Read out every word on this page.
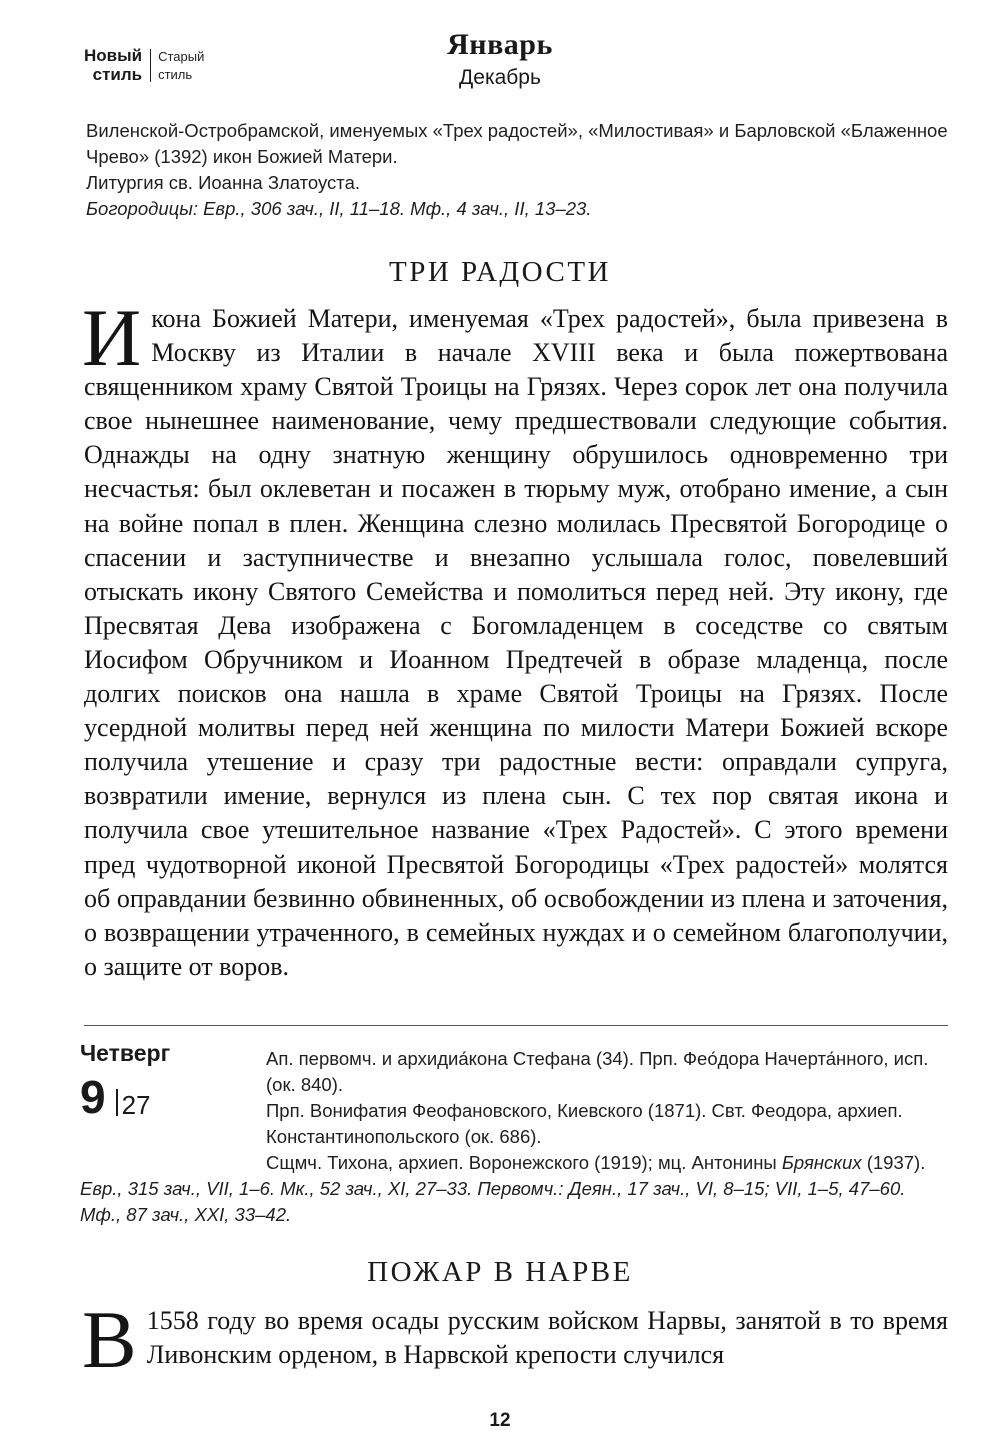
Новый
стиль
Старый
стиль
Январь
Декабрь

Виленской-Остробрамской, именуемых «Трех радостей», «Милостивая» и Барловской «Блаженное Чрево» (1392) икон Божией Матери.

Литургия св. Иоанна Златоуста.

Богородицы: Евр., 306 зач., II, 11–18. Мф., 4 зач., II, 13–23.

ТРИ РАДОСТИ

Икона Божией Матери, именуемая «Трех радостей», была привезена в Москву из Италии в начале XVIII века и была пожертвована священником храму Святой Троицы на Грязях. Через сорок лет она получила свое нынешнее наименование, чему предшествовали следующие события. Однажды на одну знатную женщину обрушилось одновременно три несчастья: был оклеветан и посажен в тюрьму муж, отобрано имение, а сын на войне попал в плен. Женщина слезно молилась Пресвятой Богородице о спасении и заступничестве и внезапно услышала голос, повелевший отыскать икону Святого Семейства и помолиться перед ней. Эту икону, где Пресвятая Дева изображена с Богомладенцем в соседстве со святым Иосифом Обручником и Иоанном Предтечей в образе младенца, после долгих поисков она нашла в храме Святой Троицы на Грязях. После усердной молитвы перед ней женщина по милости Матери Божией вскоре получила утешение и сразу три радостные вести: оправдали супруга, возвратили имение, вернулся из плена сын. С тех пор святая икона и получила свое утешительное название «Трех Радостей». С этого времени пред чудотворной иконой Пресвятой Богородицы «Трех радостей» молятся об оправдании безвинно обвиненных, об освобождении из плена и заточения, о возвращении утраченного, в семейных нуждах и о семейном благополучии, о защите от воров.

Четверг
9 27

Ап. первомч. и архидиа́кона Стефана (34). Прп. Фео́дора Начерта́нного, исп. (ок. 840).

Прп. Вонифатия Феофановского, Киевского (1871). Свт. Феодора, архиеп. Константинопольского (ок. 686).

Сщмч. Тихона, архиеп. Воронежского (1919); мц. Антонины Брянских (1937).

Евр., 315 зач., VII, 1–6. Мк., 52 зач., XI, 27–33. Первомч.: Деян., 17 зач., VI, 8–15; VII, 1–5, 47–60. Мф., 87 зач., XXI, 33–42.
ПОЖАР В НАРВЕ

В 1558 году во время осады русским войском Нарвы, занятой в то время Ливонским орденом, в Нарвской крепости случился

12
